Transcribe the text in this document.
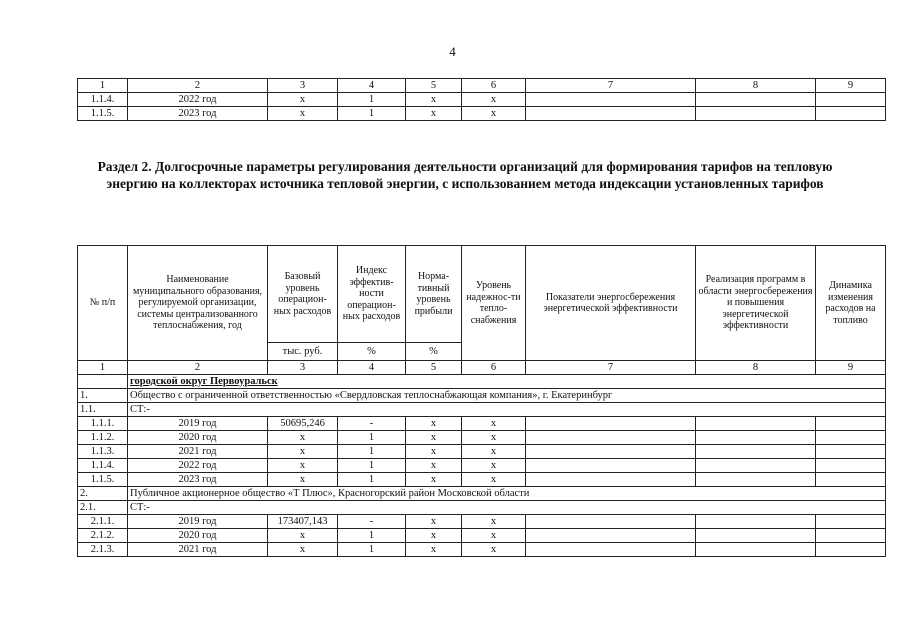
4
1	2	3	4	5	6	7	8	9
1.1.4.	2022 год	х	1	х	х			
1.1.5.	2023 год	х	1	х	х			
Раздел 2. Долгосрочные параметры регулирования деятельности организаций для формирования тарифов на тепловую энергию на коллекторах источника тепловой энергии, с использованием метода индексации установленных тарифов
№ п/п	Наименование муниципального образования, регулируемой организации, системы централизованного теплоснабжения, год	Базовый уровень операцион-ных расходов	Индекс эффектив-ности операцион-ных расходов	Норма-тивный уровень прибыли	Уровень надежнос-ти тепло-снабжения	Показатели энергосбережения энергетической эффективности	Реализация программ в области энергосбережения и повышения энергетической эффективности	Динамика изменения расходов на топливо
		тыс. руб.	%	%				
1	2	3	4	5	6	7	8	9
	городской округ Первоуральск							
1.	Общество с ограниченной ответственностью «Свердловская теплоснабжающая компания», г. Екатеринбург							
1.1.	СТ:-							
1.1.1.	2019 год	50695,246	-	х	х			
1.1.2.	2020 год	х	1	х	х			
1.1.3.	2021 год	х	1	х	х			
1.1.4.	2022 год	х	1	х	х			
1.1.5.	2023 год	х	1	х	х			
2.	Публичное акционерное общество «Т Плюс», Красногорский район Московской области							
2.1.	СТ:-							
2.1.1.	2019 год	173407,143	-	х	х			
2.1.2.	2020 год	х	1	х	х			
2.1.3.	2021 год	х	1	х	х			
